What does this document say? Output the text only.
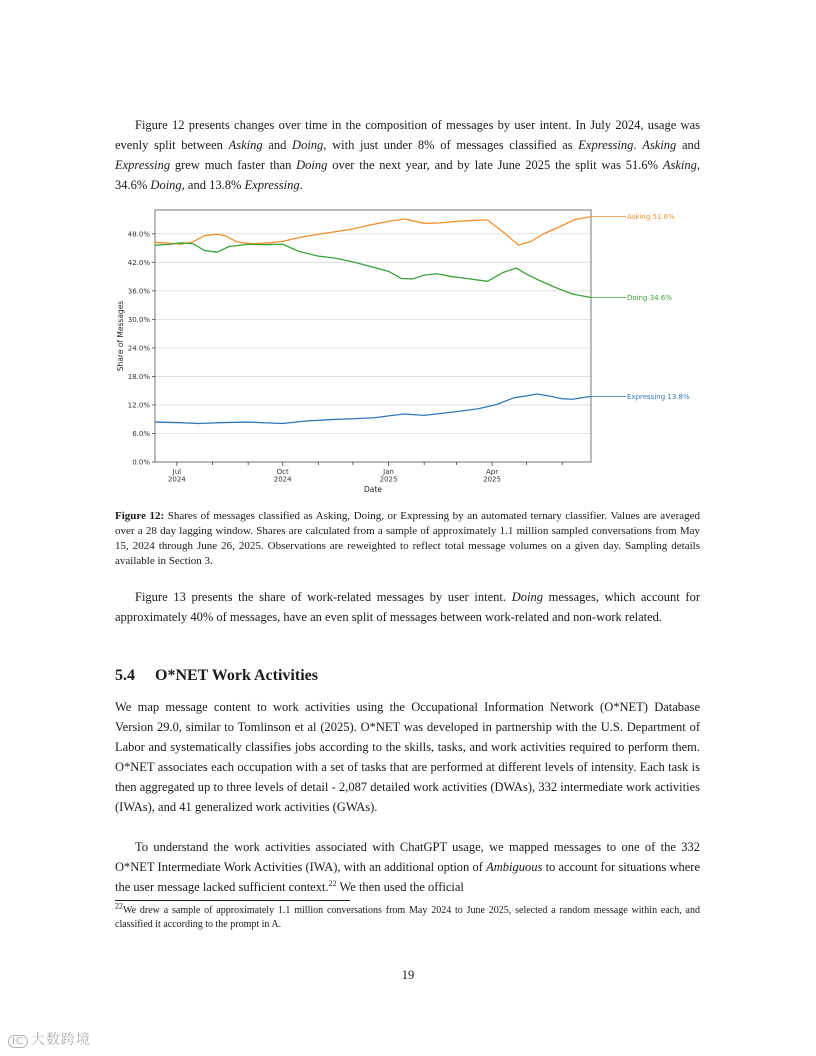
Figure 12 presents changes over time in the composition of messages by user intent. In July 2024, usage was evenly split between Asking and Doing, with just under 8% of messages classified as Expressing. Asking and Expressing grew much faster than Doing over the next year, and by late June 2025 the split was 51.6% Asking, 34.6% Doing, and 13.8% Expressing.

0.0%
6.0%
12.0%
18.0%
24.0%
30.0%
36.0%
42.0%
48.0%
Jul 2024
Oct 2024
Jan 2025
Apr 2025
Date
Share of Messages
Asking 51.6%
Doing 34.6%
Expressing 13.8%

Figure 12: Shares of messages classified as Asking, Doing, or Expressing by an automated ternary classifier. Values are averaged over a 28 day lagging window. Shares are calculated from a sample of approximately 1.1 million sampled conversations from May 15, 2024 through June 26, 2025. Observations are reweighted to reflect total message volumes on a given day. Sampling details available in Section 3.

Figure 13 presents the share of work-related messages by user intent. Doing messages, which account for approximately 40% of messages, have an even split of messages between work-related and non-work related.

5.4 O*NET Work Activities

We map message content to work activities using the Occupational Information Network (O*NET) Database Version 29.0, similar to Tomlinson et al (2025). O*NET was developed in partnership with the U.S. Department of Labor and systematically classifies jobs according to the skills, tasks, and work activities required to perform them. O*NET associates each occupation with a set of tasks that are performed at different levels of intensity. Each task is then aggregated up to three levels of detail - 2,087 detailed work activities (DWAs), 332 intermediate work activities (IWAs), and 41 generalized work activities (GWAs).

To understand the work activities associated with ChatGPT usage, we mapped messages to one of the 332 O*NET Intermediate Work Activities (IWA), with an additional option of Ambiguous to account for situations where the user message lacked sufficient context.$^{22}$ We then used the official

$^{22}$We drew a sample of approximately 1.1 million conversations from May 2024 to June 2025, selected a random message within each, and classified it according to the prompt in A.

19
IC 大数跨境
